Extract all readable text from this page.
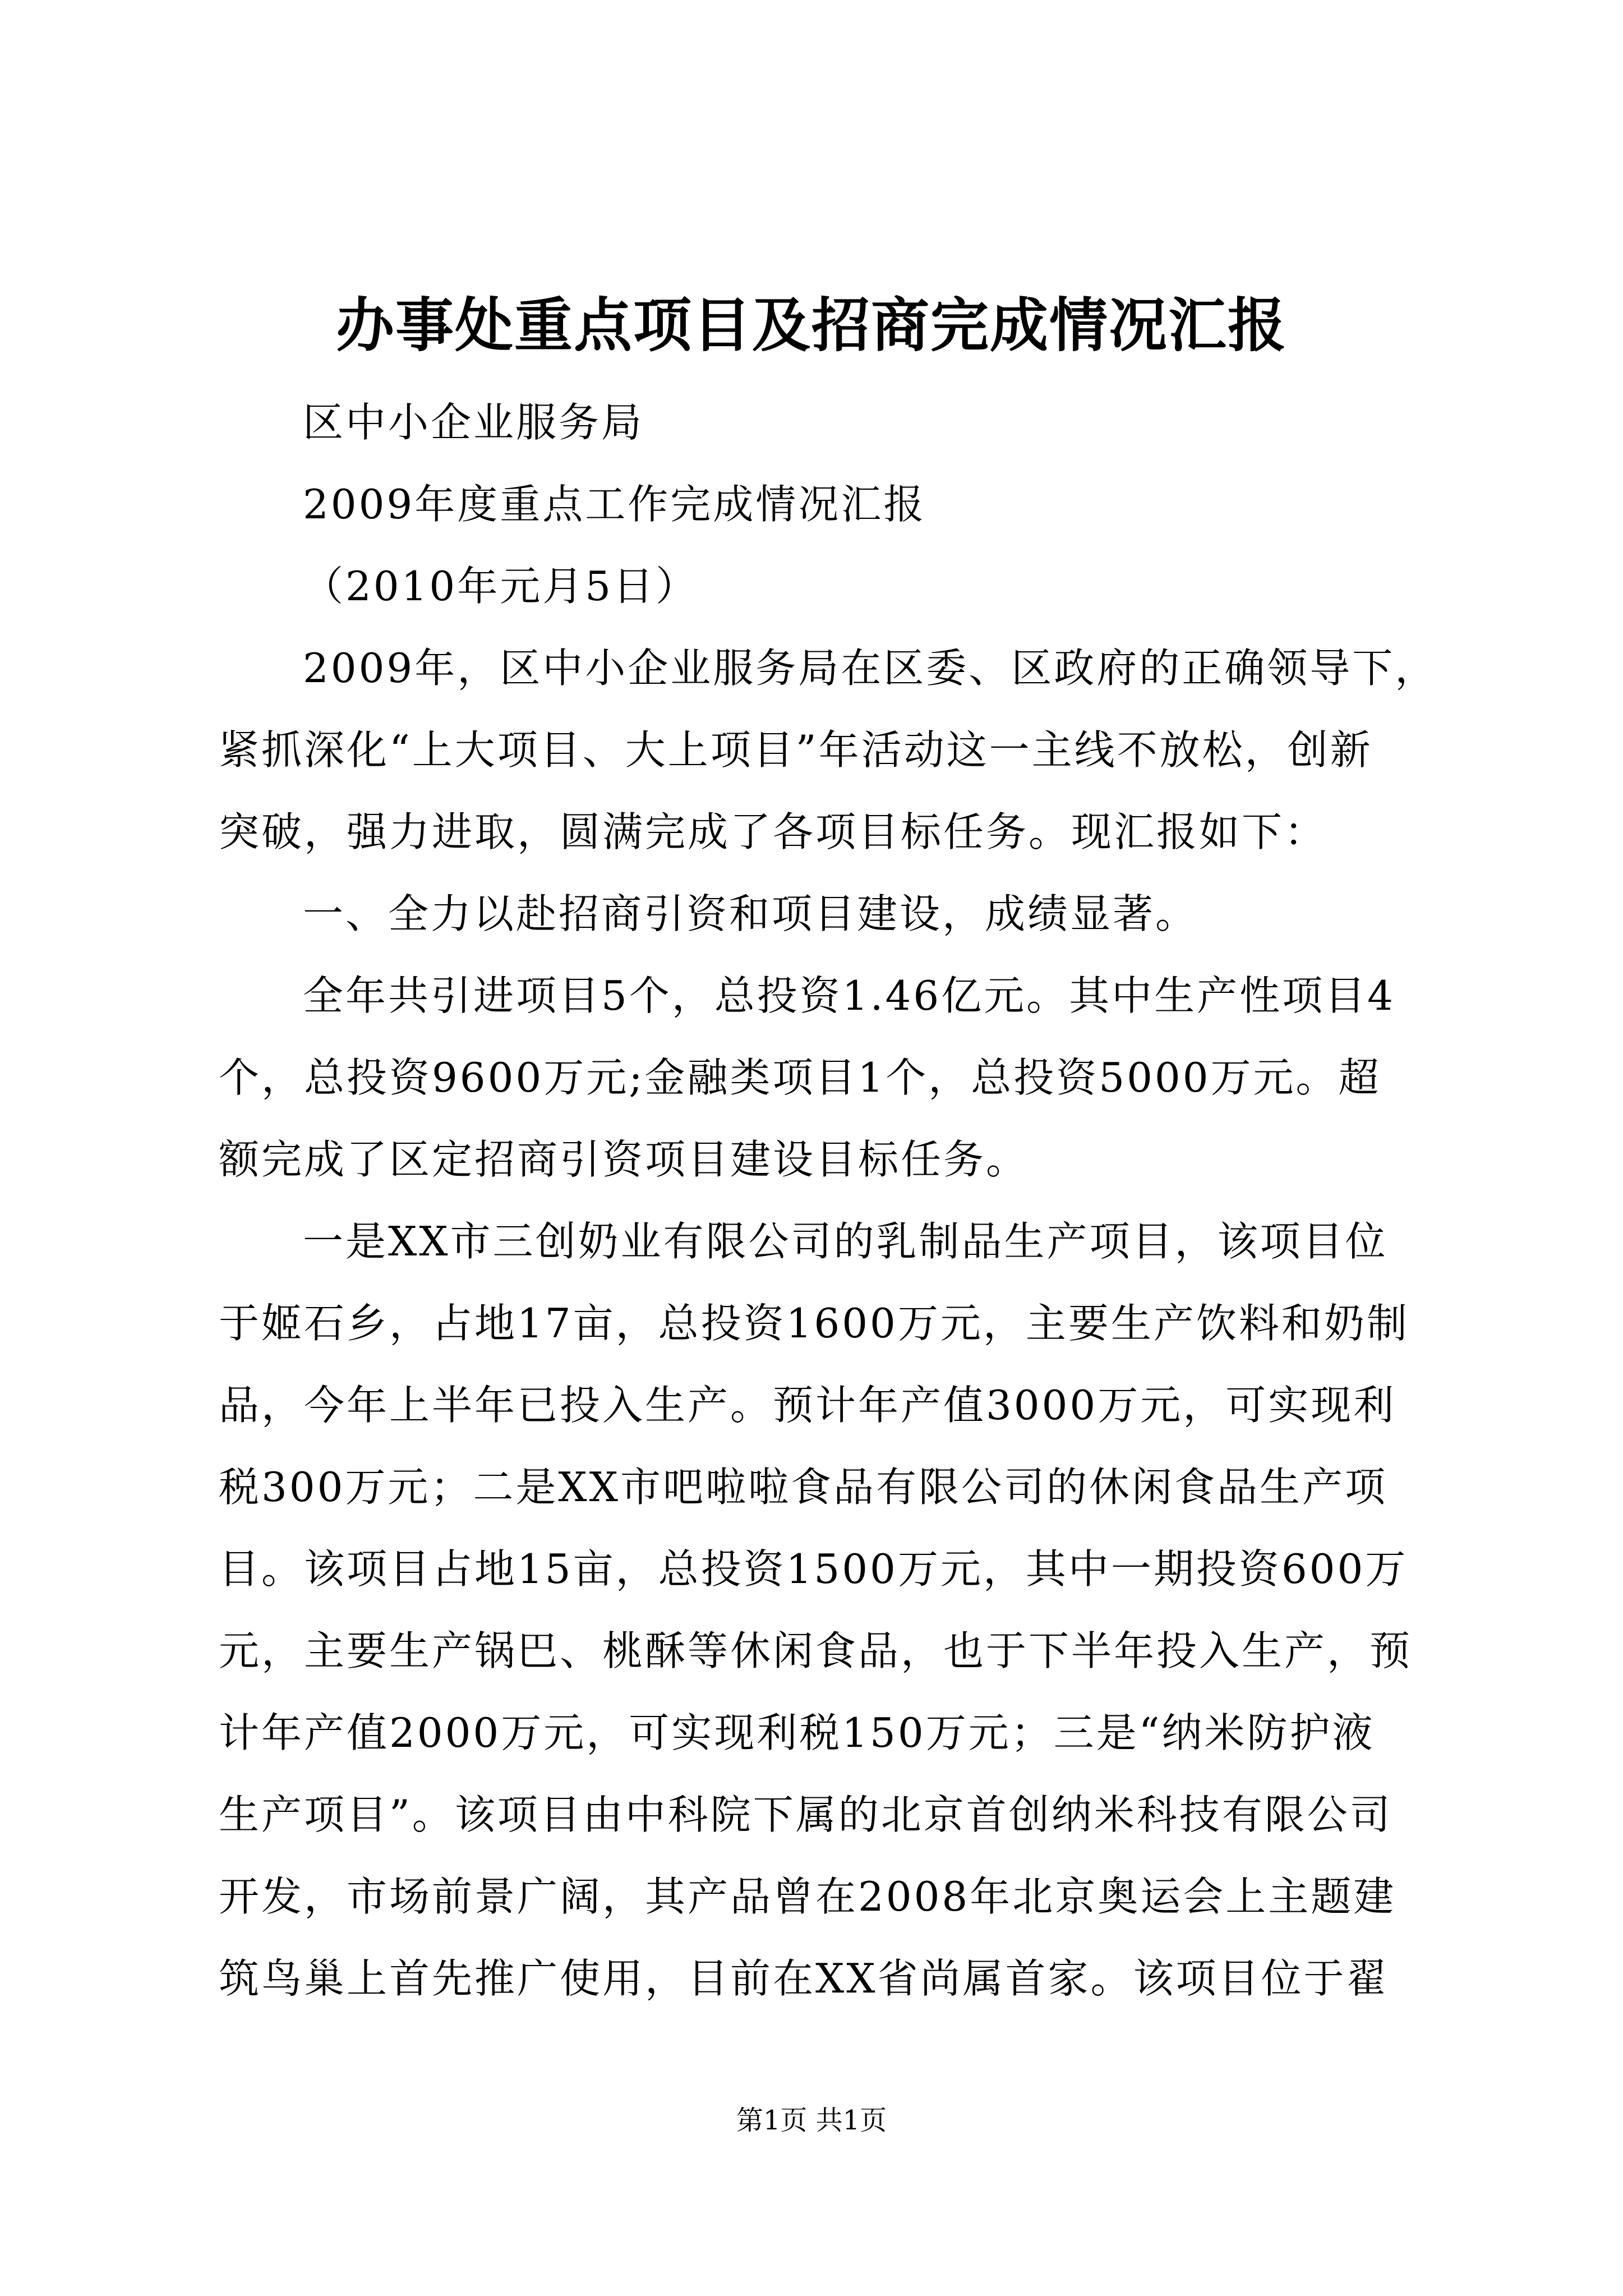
办事处重点项目及招商完成情况汇报

区中小企业服务局

2009年度重点工作完成情况汇报

（2010年元月5日）

2009年，区中小企业服务局在区委、区政府的正确领导下，

紧抓深化“上大项目、大上项目”年活动这一主线不放松，创新

突破，强力进取，圆满完成了各项目标任务。现汇报如下：

一、全力以赴招商引资和项目建设，成绩显著。

全年共引进项目5个，总投资1.46亿元。其中生产性项目4

个，总投资9600万元;金融类项目1个，总投资5000万元。超

额完成了区定招商引资项目建设目标任务。

一是XX市三创奶业有限公司的乳制品生产项目，该项目位

于姬石乡，占地17亩，总投资1600万元，主要生产饮料和奶制

品，今年上半年已投入生产。预计年产值3000万元，可实现利

税300万元；二是XX市吧啦啦食品有限公司的休闲食品生产项

目。该项目占地15亩，总投资1500万元，其中一期投资600万

元，主要生产锅巴、桃酥等休闲食品，也于下半年投入生产，预

计年产值2000万元，可实现利税150万元；三是“纳米防护液

生产项目”。该项目由中科院下属的北京首创纳米科技有限公司

开发，市场前景广阔，其产品曾在2008年北京奥运会上主题建

筑鸟巢上首先推广使用，目前在XX省尚属首家。该项目位于翟

第1页 共1页
